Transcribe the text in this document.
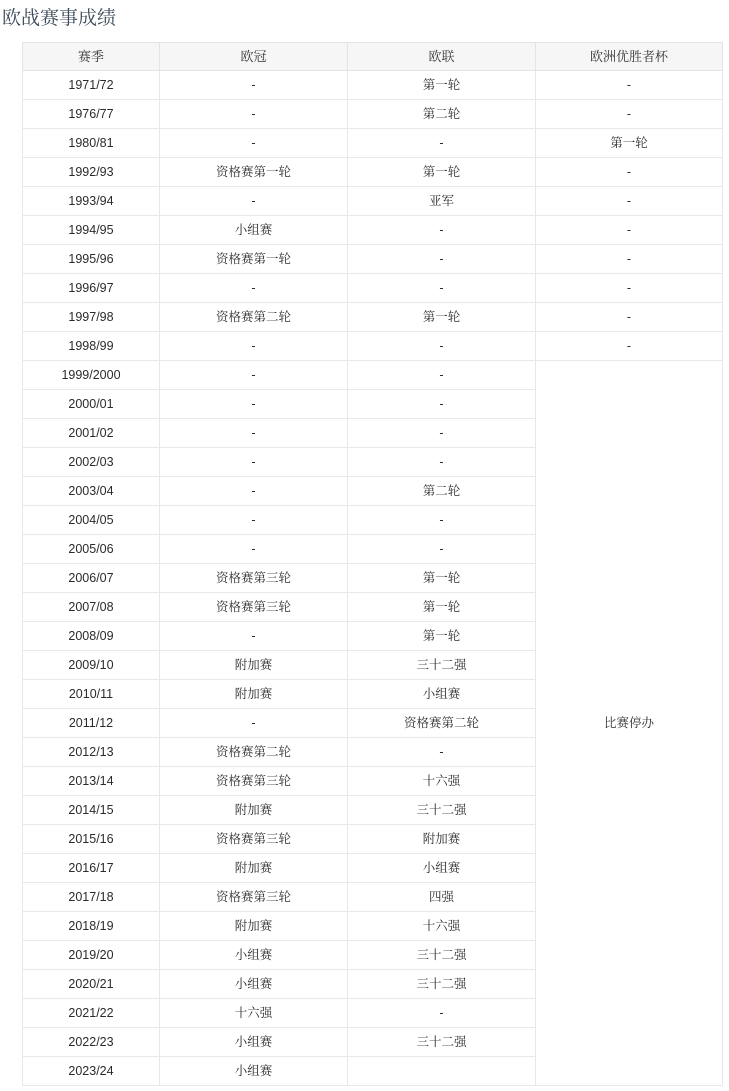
欧战赛事成绩
赛季	欧冠	欧联	欧洲优胜者杯
1971/72	-	第一轮	-
1976/77	-	第二轮	-
1980/81	-	-	第一轮
1992/93	资格赛第一轮	第一轮	-
1993/94	-	亚军	-
1994/95	小组赛	-	-
1995/96	资格赛第一轮	-	-
1996/97	-	-	-
1997/98	资格赛第二轮	第一轮	-
1998/99	-	-	-
1999/2000	-	-	比赛停办
2000/01	-	-	
2001/02	-	-	
2002/03	-	-	
2003/04	-	第二轮	
2004/05	-	-	
2005/06	-	-	
2006/07	资格赛第三轮	第一轮	
2007/08	资格赛第三轮	第一轮	
2008/09	-	第一轮	
2009/10	附加赛	三十二强	
2010/11	附加赛	小组赛	
2011/12	-	资格赛第二轮	
2012/13	资格赛第二轮	-	
2013/14	资格赛第三轮	十六强	
2014/15	附加赛	三十二强	
2015/16	资格赛第三轮	附加赛	
2016/17	附加赛	小组赛	
2017/18	资格赛第三轮	四强	
2018/19	附加赛	十六强	
2019/20	小组赛	三十二强	
2020/21	小组赛	三十二强	
2021/22	十六强	-	
2022/23	小组赛	三十二强	
2023/24	小组赛		
